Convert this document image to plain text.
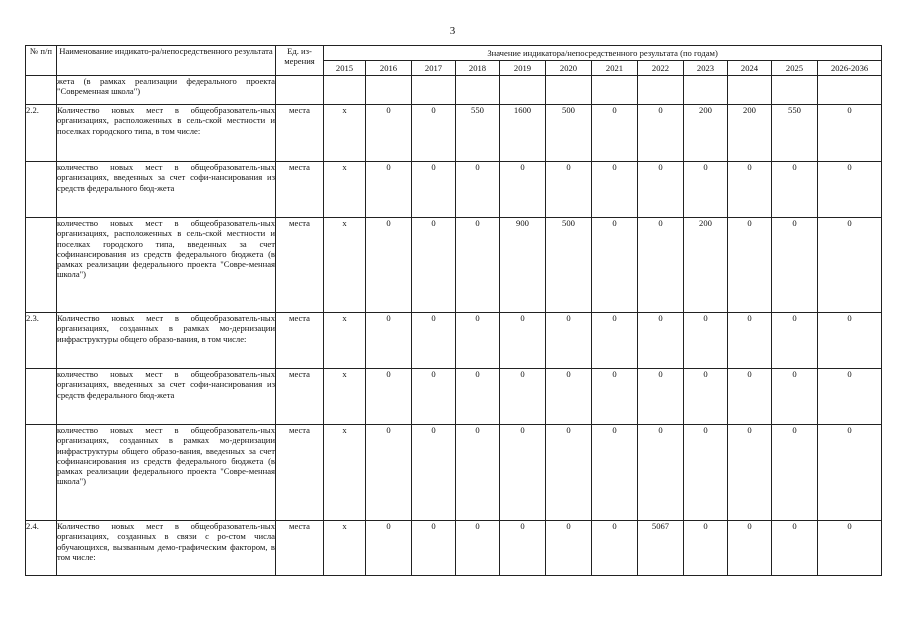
3
№ п/п	Наименование индикато-ра/непосредственного результата	Ед. из-мерения	Значение индикатора/непосредственного результата (по годам)											
			2015	2016	2017	2018	2019	2020	2021	2022	2023	2024	2025	2026-2036
	жета (в рамках реализации федерального проекта "Современная школа")													
2.2.	Количество новых мест в общеобразователь-ных организациях, расположенных в сель-ской местности и поселках городского типа, в том числе:	места	х	0	0	550	1600	500	0	0	200	200	550	0
	количество новых мест в общеобразователь-ных организациях, введенных за счет софи-нансирования из средств федерального бюд-жета	места	х	0	0	0	0	0	0	0	0	0	0	0
	количество новых мест в общеобразователь-ных организациях, расположенных в сель-ской местности и поселках городского типа, введенных за счет софинансирования из средств федерального бюджета (в рамках реализации федерального проекта "Совре-менная школа")	места	х	0	0	0	900	500	0	0	200	0	0	0
2.3.	Количество новых мест в общеобразователь-ных организациях, созданных в рамках мо-дернизации инфраструктуры общего образо-вания, в том числе:	места	х	0	0	0	0	0	0	0	0	0	0	0
	количество новых мест в общеобразователь-ных организациях, введенных за счет софи-нансирования из средств федерального бюд-жета	места	х	0	0	0	0	0	0	0	0	0	0	0
	количество новых мест в общеобразователь-ных организациях, созданных в рамках мо-дернизации инфраструктуры общего образо-вания, введенных за счет софинансирования из средств федерального бюджета (в рамках реализации федерального проекта "Совре-менная школа")	места	х	0	0	0	0	0	0	0	0	0	0	0
2.4.	Количество новых мест в общеобразователь-ных организациях, созданных в связи с ро-стом числа обучающихся, вызванным демо-графическим фактором, в том числе:	места	х	0	0	0	0	0	0	5067	0	0	0	0
